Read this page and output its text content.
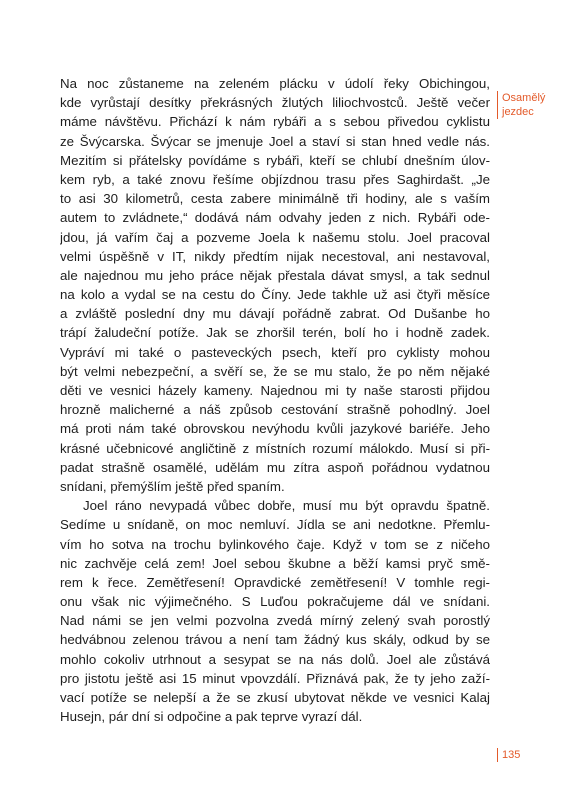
Na noc zůstaneme na zeleném plácku v údolí řeky Obichingou,
kde vyrůstají desítky překrásných žlutých liliochvostců. Ještě večer
máme návštěvu. Přichází k nám rybáři a s sebou přivedou cyklistu
ze Švýcarska. Švýcar se jmenuje Joel a staví si stan hned vedle nás.
Mezitím si přátelsky povídáme s rybáři, kteří se chlubí dnešním úlov-
kem ryb, a také znovu řešíme objízdnou trasu přes Saghirdašt. „Je
to asi 30 kilometrů, cesta zabere minimálně tři hodiny, ale s vaším
autem to zvládnete,“ dodává nám odvahy jeden z nich. Rybáři ode-
jdou, já vařím čaj a pozveme Joela k našemu stolu. Joel pracoval
velmi úspěšně v IT, nikdy předtím nijak necestoval, ani nestavoval,
ale najednou mu jeho práce nějak přestala dávat smysl, a tak sednul
na kolo a vydal se na cestu do Číny. Jede takhle už asi čtyři měsíce
a zvláště poslední dny mu dávají pořádně zabrat. Od Dušanbe ho
trápí žaludeční potíže. Jak se zhoršil terén, bolí ho i hodně zadek.
Vypráví mi také o pasteveckých psech, kteří pro cyklisty mohou
být velmi nebezpeční, a svěří se, že se mu stalo, že po něm nějaké
děti ve vesnici házely kameny. Najednou mi ty naše starosti přijdou
hrozně malicherné a náš způsob cestování strašně pohodlný. Joel
má proti nám také obrovskou nevýhodu kvůli jazykové bariéře. Jeho
krásné učebnicové angličtině z místních rozumí málokdo. Musí si při-
padat strašně osamělé, udělám mu zítra aspoň pořádnou vydatnou
snídani, přemýšlím ještě před spaním.
Joel ráno nevypadá vůbec dobře, musí mu být opravdu špatně.
Sedíme u snídaně, on moc nemluví. Jídla se ani nedotkne. Přemlu-
vím ho sotva na trochu bylinkového čaje. Když v tom se z ničeho
nic zachvěje celá zem! Joel sebou škubne a běží kamsi pryč smě-
rem k řece. Zemětřesení! Opravdické zemětřesení! V tomhle regi-
onu však nic výjimečného. S Luďou pokračujeme dál ve snídani.
Nad námi se jen velmi pozvolna zvedá mírný zelený svah porostlý
hedvábnou zelenou trávou a není tam žádný kus skály, odkud by se
mohlo cokoliv utrhnout a sesypat se na nás dolů. Joel ale zůstává
pro jistotu ještě asi 15 minut vpovzdálí. Přiznává pak, že ty jeho zaží-
vací potíže se nelepší a že se zkusí ubytovat někde ve vesnici Kalaj
Husejn, pár dní si odpočine a pak teprve vyrazí dál.
Osamělý
jezdec
135
